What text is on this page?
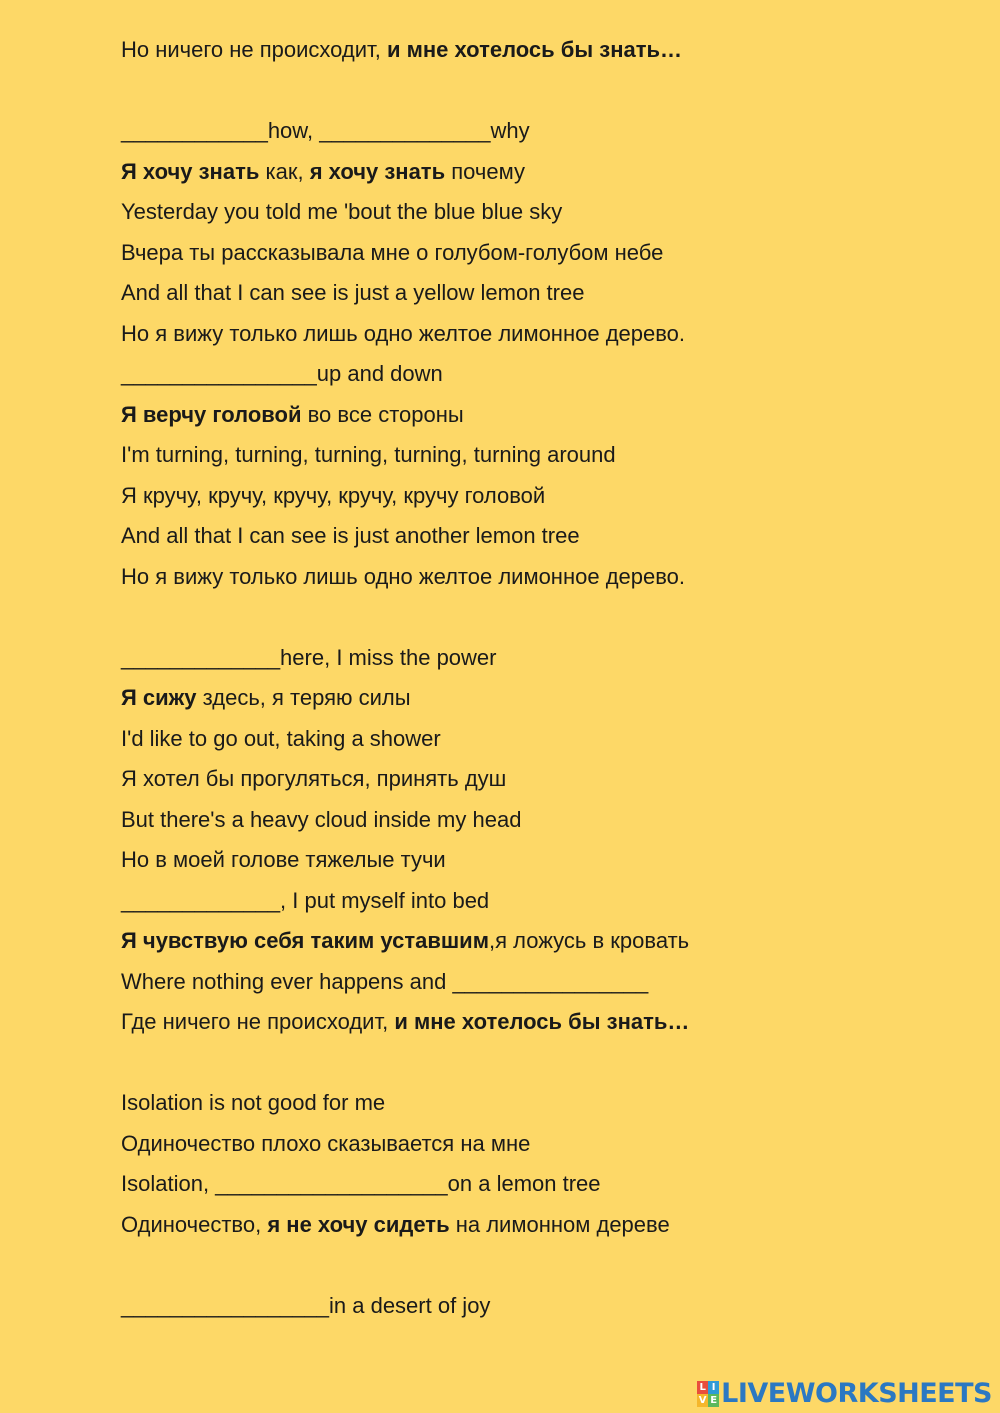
Но ничего не происходит, и мне хотелось бы знать…
____________how, ______________why
Я хочу знать как, я хочу знать почему
Yesterday you told me 'bout the blue blue sky
Вчера ты рассказывала мне о голубом-голубом небе
And all that I can see is just a yellow lemon tree
Но я вижу только лишь одно желтое лимонное дерево.
________________up and down
Я верчу головой во все стороны
I'm turning, turning, turning, turning, turning around
Я кручу, кручу, кручу, кручу, кручу головой
And all that I can see is just another lemon tree
Но я вижу только лишь одно желтое лимонное дерево.
_____________here, I miss the power
Я сижу здесь, я теряю силы
I'd like to go out, taking a shower
Я хотел бы прогуляться, принять душ
But there's a heavy cloud inside my head
Но в моей голове тяжелые тучи
_____________, I put myself into bed
Я чувствую себя таким уставшим,я ложусь в кровать
Where nothing ever happens and ________________
Где ничего не происходит, и мне хотелось бы знать…
Isolation is not good for me
Одиночество плохо сказывается на мне
Isolation, ___________________on a lemon tree
Одиночество, я не хочу сидеть на лимонном дереве
_________________in a desert of joy
L I
V E LIVEWORKSHEETS
